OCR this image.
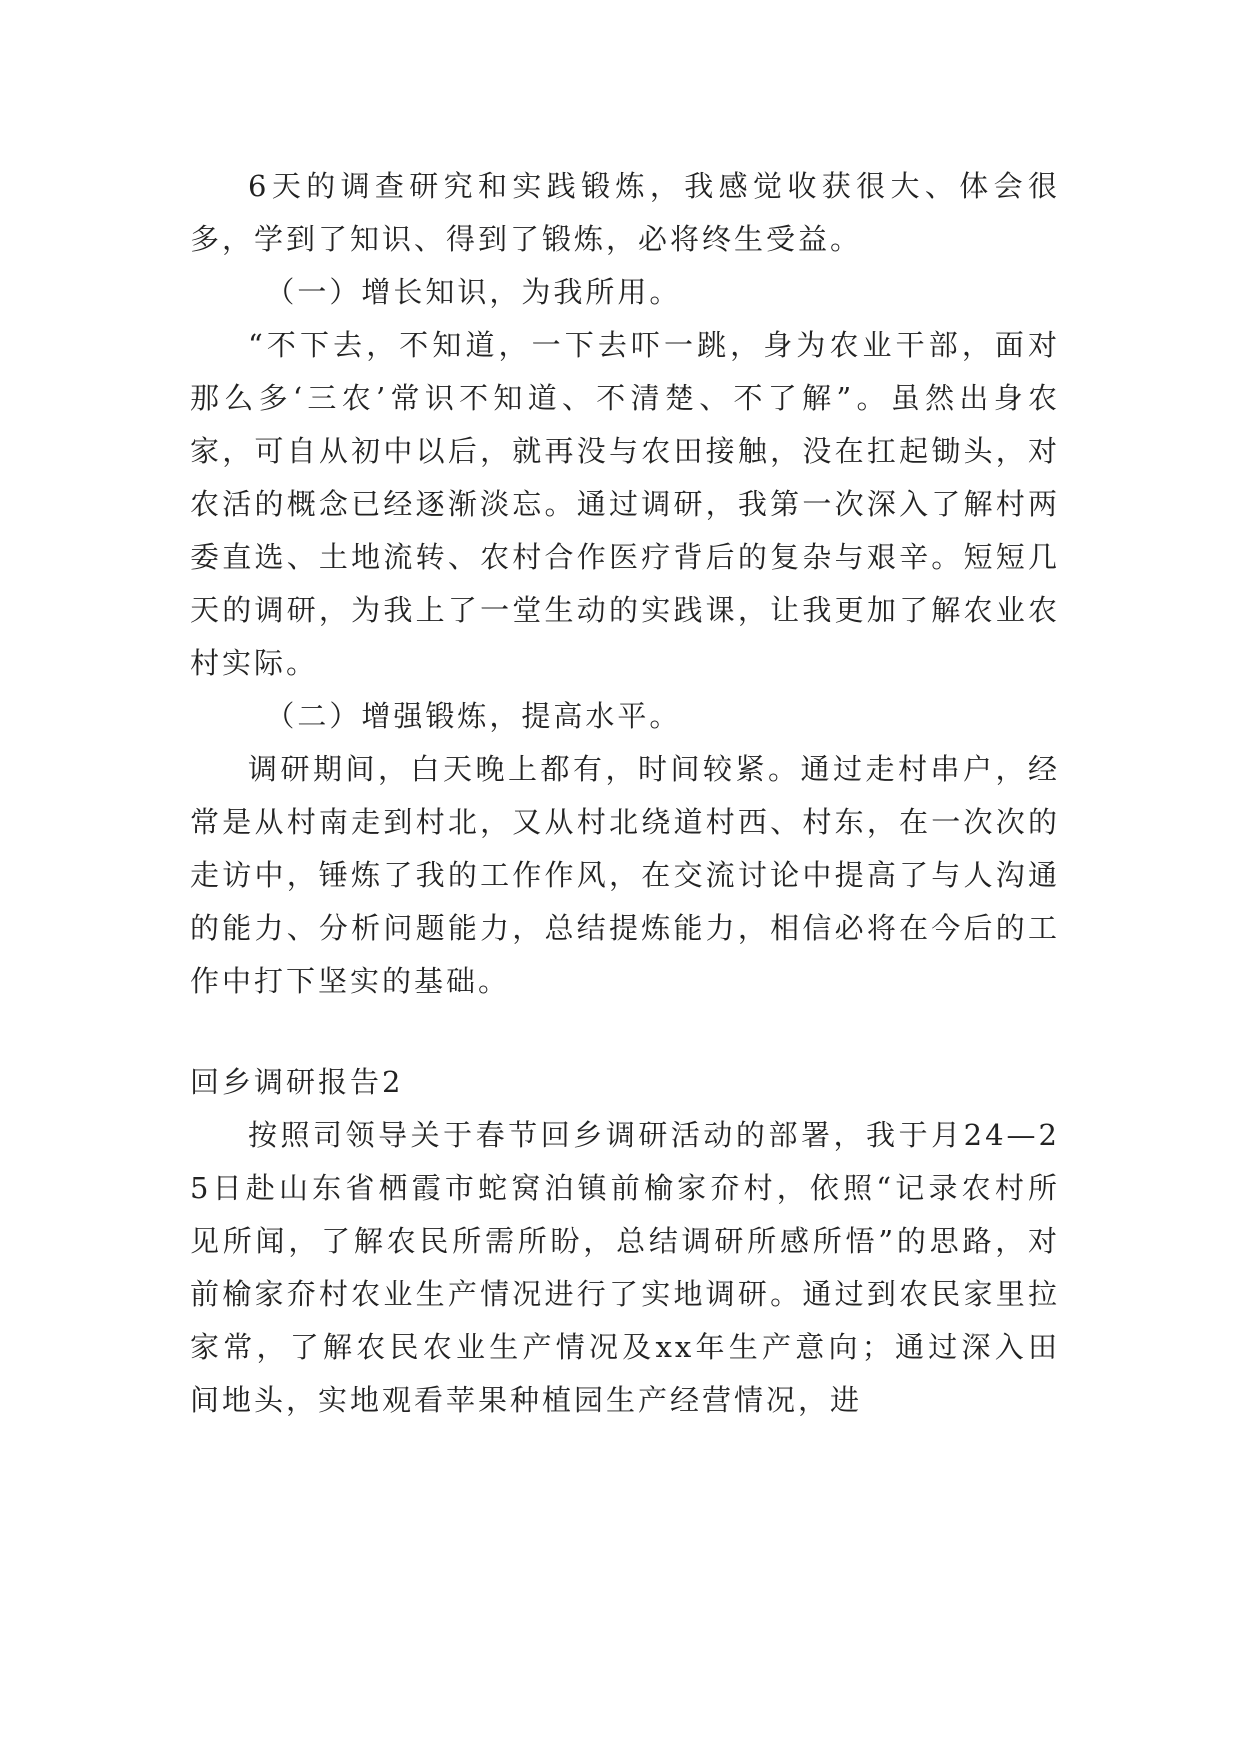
6天的调查研究和实践锻炼，我感觉收获很大、体会很多，学到了知识、得到了锻炼，必将终生受益。

（一）增长知识，为我所用。

“不下去，不知道，一下去吓一跳，身为农业干部，面对那么多‘三农’常识不知道、不清楚、不了解”。虽然出身农家，可自从初中以后，就再没与农田接触，没在扛起锄头，对农活的概念已经逐渐淡忘。通过调研，我第一次深入了解村两委直选、土地流转、农村合作医疗背后的复杂与艰辛。短短几天的调研，为我上了一堂生动的实践课，让我更加了解农业农村实际。

（二）增强锻炼，提高水平。

调研期间，白天晚上都有，时间较紧。通过走村串户，经常是从村南走到村北，又从村北绕道村西、村东，在一次次的走访中，锤炼了我的工作作风，在交流讨论中提高了与人沟通的能力、分析问题能力，总结提炼能力，相信必将在今后的工作中打下坚实的基础。

回乡调研报告2

按照司领导关于春节回乡调研活动的部署，我于月24—25日赴山东省栖霞市蛇窝泊镇前榆家夼村，依照“记录农村所见所闻，了解农民所需所盼，总结调研所感所悟”的思路，对前榆家夼村农业生产情况进行了实地调研。通过到农民家里拉家常，了解农民农业生产情况及xx年生产意向；通过深入田间地头，实地观看苹果种植园生产经营情况，进
